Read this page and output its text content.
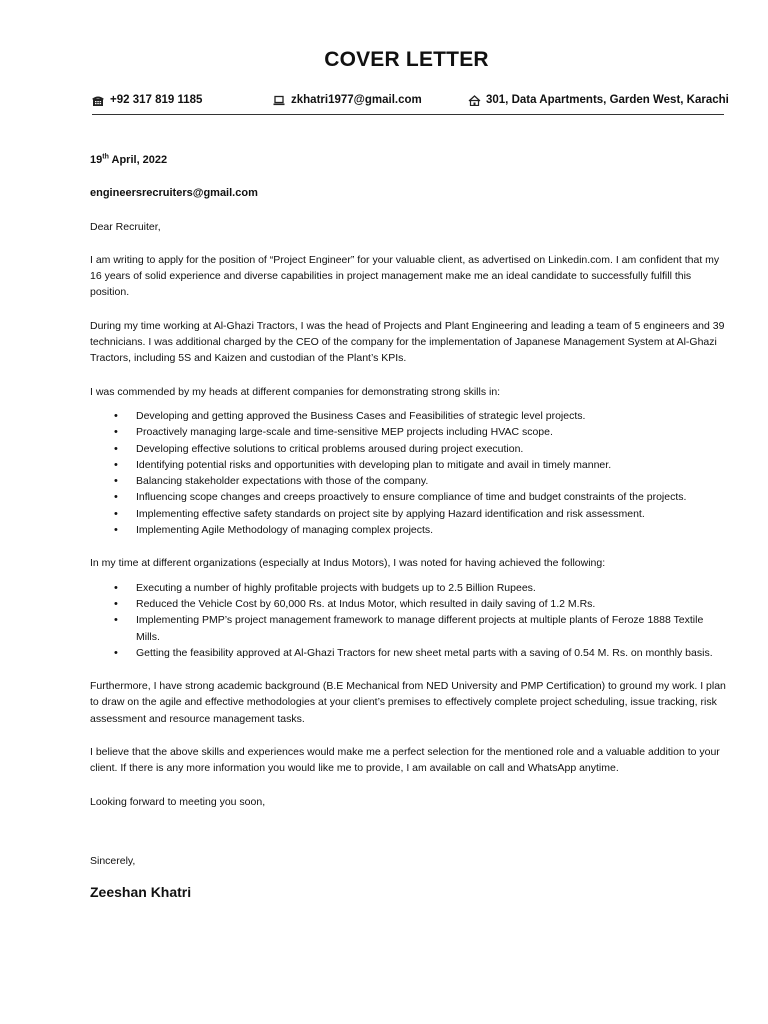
COVER LETTER
+92 317 819 1185	zkhatri1977@gmail.com	301, Data Apartments, Garden West, Karachi
19th April, 2022
engineersrecruiters@gmail.com

Dear Recruiter,

I am writing to apply for the position of “Project Engineer” for your valuable client, as advertised on Linkedin.com. I am confident that my 16 years of solid experience and diverse capabilities in project management make me an ideal candidate to successfully fulfill this position.

During my time working at Al-Ghazi Tractors, I was the head of Projects and Plant Engineering and leading a team of 5 engineers and 39 technicians. I was additional charged by the CEO of the company for the implementation of Japanese Management System at Al-Ghazi Tractors, including 5S and Kaizen and custodian of the Plant’s KPIs.

I was commended by my heads at different companies for demonstrating strong skills in:

• Developing and getting approved the Business Cases and Feasibilities of strategic level projects.
• Proactively managing large-scale and time-sensitive MEP projects including HVAC scope.
• Developing effective solutions to critical problems aroused during project execution.
• Identifying potential risks and opportunities with developing plan to mitigate and avail in timely manner.
• Balancing stakeholder expectations with those of the company.
• Influencing scope changes and creeps proactively to ensure compliance of time and budget constraints of the projects.
• Implementing effective safety standards on project site by applying Hazard identification and risk assessment.
• Implementing Agile Methodology of managing complex projects.

In my time at different organizations (especially at Indus Motors), I was noted for having achieved the following:

• Executing a number of highly profitable projects with budgets up to 2.5 Billion Rupees.
• Reduced the Vehicle Cost by 60,000 Rs. at Indus Motor, which resulted in daily saving of 1.2 M.Rs.
• Implementing PMP’s project management framework to manage different projects at multiple plants of Feroze 1888 Textile Mills.
• Getting the feasibility approved at Al-Ghazi Tractors for new sheet metal parts with a saving of 0.54 M. Rs. on monthly basis.

Furthermore, I have strong academic background (B.E Mechanical from NED University and PMP Certification) to ground my work. I plan to draw on the agile and effective methodologies at your client’s premises to effectively complete project scheduling, issue tracking, risk assessment and resource management tasks.

I believe that the above skills and experiences would make me a perfect selection for the mentioned role and a valuable addition to your client. If there is any more information you would like me to provide, I am available on call and WhatsApp anytime.

Looking forward to meeting you soon,

Sincerely,
Zeeshan Khatri
